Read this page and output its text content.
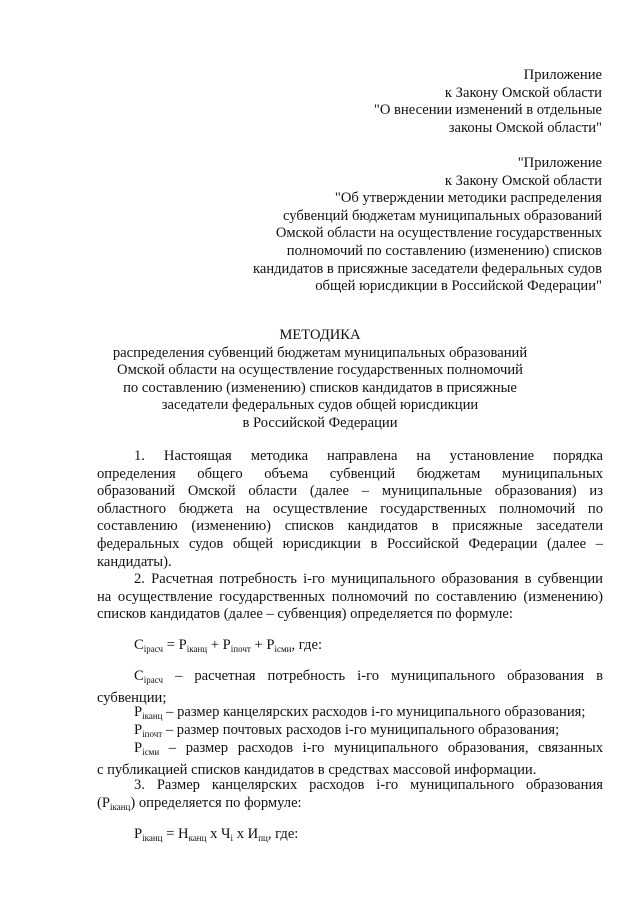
Приложение
к Закону Омской области
"О внесении изменений в отдельные
законы Омской области"
"Приложение
к Закону Омской области
"Об утверждении методики распределения
субвенций бюджетам муниципальных образований
Омской области на осуществление государственных
полномочий по составлению (изменению) списков
кандидатов в присяжные заседатели федеральных судов
общей юрисдикции в Российской Федерации"
МЕТОДИКА
распределения субвенций бюджетам муниципальных образований
Омской области на осуществление государственных полномочий
по составлению (изменению) списков кандидатов в присяжные
заседатели федеральных судов общей юрисдикции
в Российской Федерации
1. Настоящая методика направлена на установление порядка
определения общего объема субвенций бюджетам муниципальных
образований Омской области (далее – муниципальные образования) из
областного бюджета на осуществление государственных полномочий по
составлению (изменению) списков кандидатов в присяжные заседатели
федеральных судов общей юрисдикции в Российской Федерации (далее –
кандидаты).
2. Расчетная потребность i-го муниципального образования в субвенции
на осуществление государственных полномочий по составлению (изменению)
списков кандидатов (далее – субвенция) определяется по формуле:
$C_{iрасч} = P_{iканц} + P_{iпочт} + P_{iсми}$, где:
$C_{iрасч}$ – расчетная потребность i-го муниципального образования в
субвенции;
$P_{iканц}$ – размер канцелярских расходов i-го муниципального образования;
$P_{iпочт}$ – размер почтовых расходов i-го муниципального образования;
$P_{iсми}$ – размер расходов i-го муниципального образования, связанных
с публикацией списков кандидатов в средствах массовой информации.
3. Размер канцелярских расходов i-го муниципального образования
$(P_{iканц})$ определяется по формуле:
$P_{iканц} = Н_{канц}$ x $Ч_i$ x $И_{пц}$, где:
